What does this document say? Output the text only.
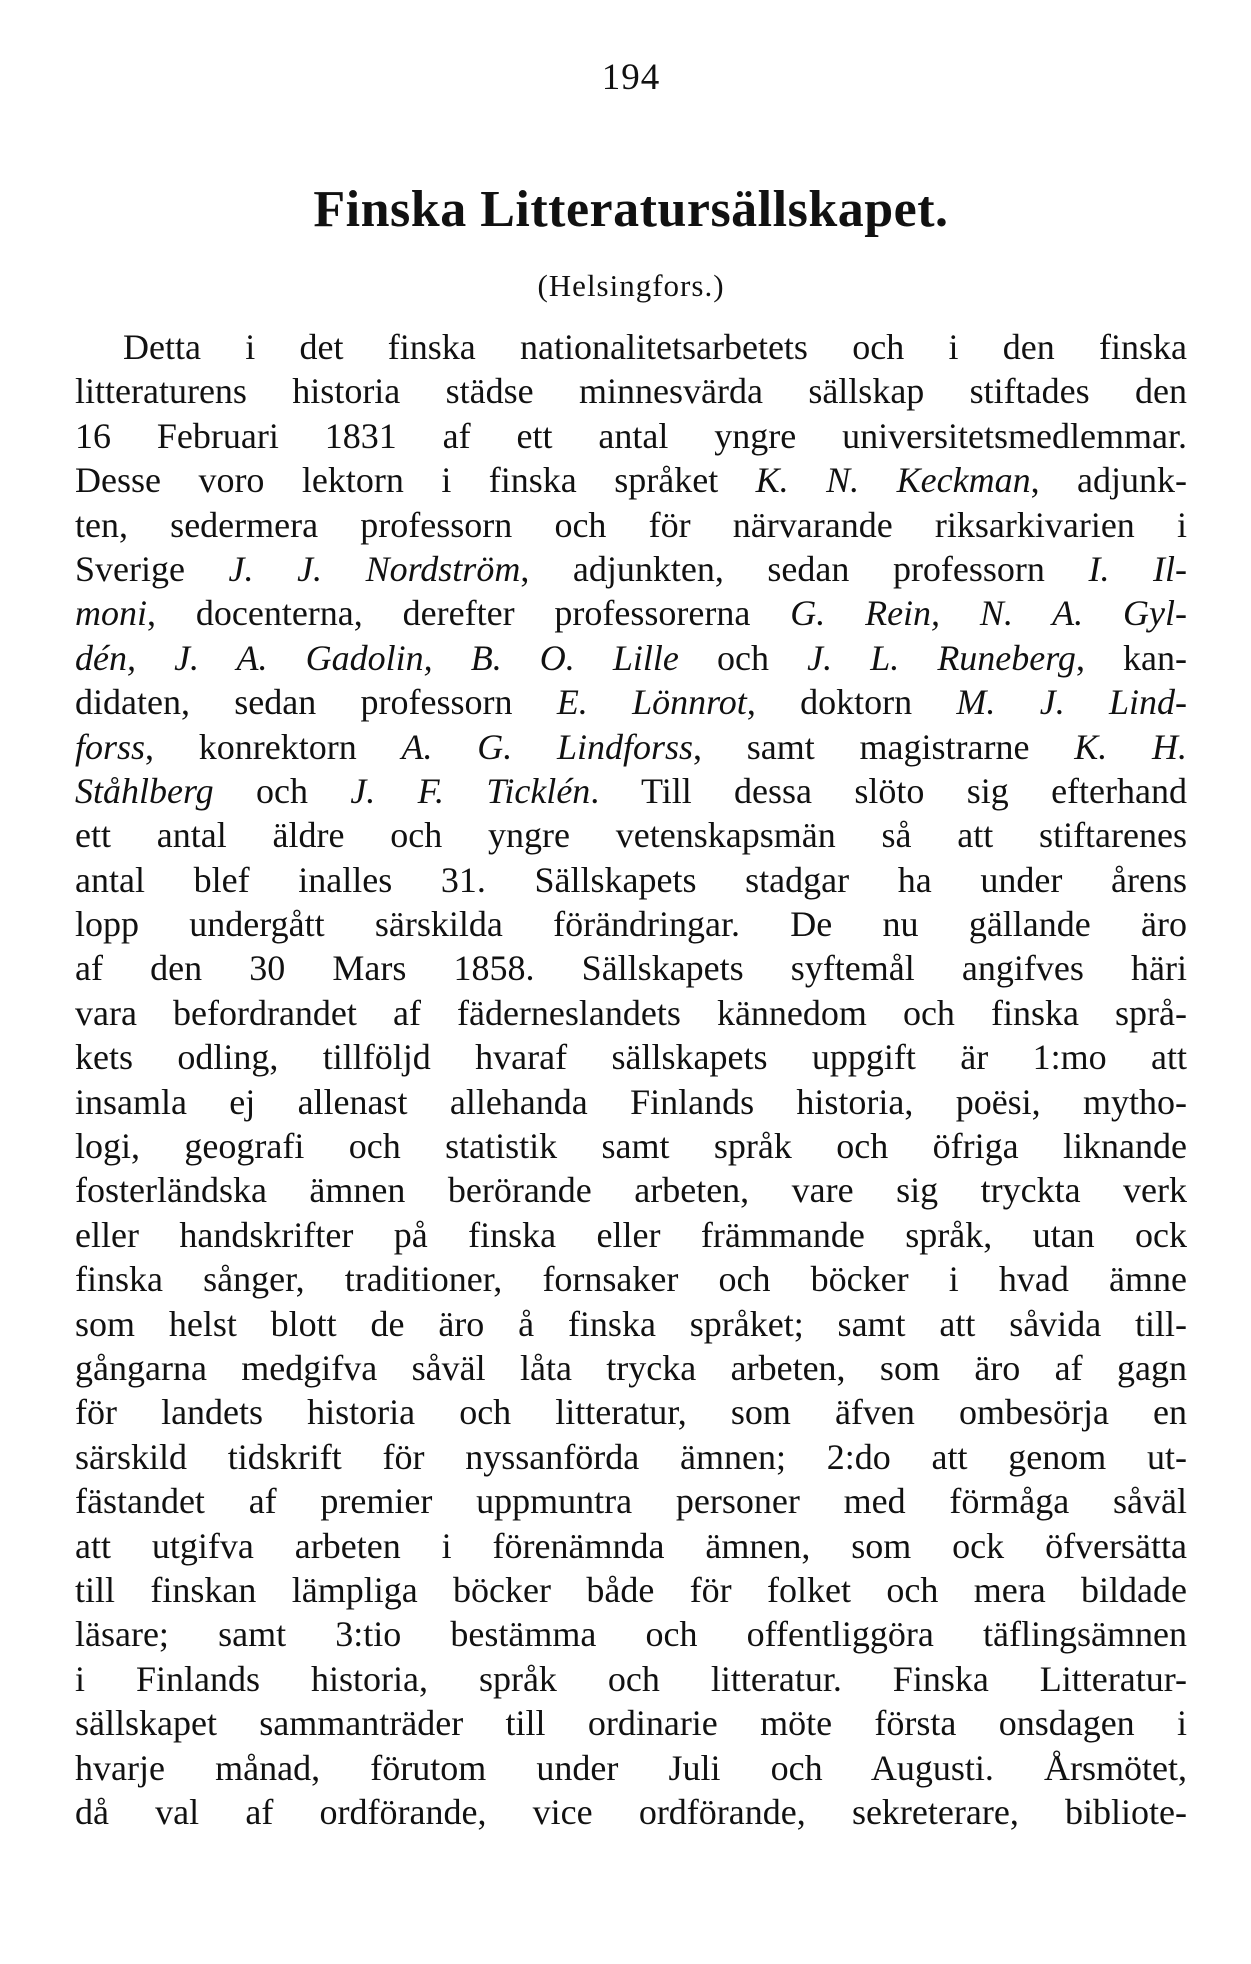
194
Finska Litteratursällskapet.
(Helsingfors.)
Detta i det finska nationalitetsarbetets och i den finska
litteraturens historia städse minnesvärda sällskap stiftades den
16 Februari 1831 af ett antal yngre universitetsmedlemmar.
Desse voro lektorn i finska språket K. N. Keckman, adjunk-
ten, sedermera professorn och för närvarande riksarkivarien i
Sverige J. J. Nordström, adjunkten, sedan professorn I. Il-
moni, docenterna, derefter professorerna G. Rein, N. A. Gyl-
dén, J. A. Gadolin, B. O. Lille och J. L. Runeberg, kan-
didaten, sedan professorn E. Lönnrot, doktorn M. J. Lind-
forss, konrektorn A. G. Lindforss, samt magistrarne K. H.
Ståhlberg och J. F. Ticklén. Till dessa slöto sig efterhand
ett antal äldre och yngre vetenskapsmän så att stiftarenes
antal blef inalles 31. Sällskapets stadgar ha under årens
lopp undergått särskilda förändringar. De nu gällande äro
af den 30 Mars 1858. Sällskapets syftemål angifves häri
vara befordrandet af fäderneslandets kännedom och finska språ-
kets odling, tillföljd hvaraf sällskapets uppgift är 1:mo att
insamla ej allenast allehanda Finlands historia, poësi, mytho-
logi, geografi och statistik samt språk och öfriga liknande
fosterländska ämnen berörande arbeten, vare sig tryckta verk
eller handskrifter på finska eller främmande språk, utan ock
finska sånger, traditioner, fornsaker och böcker i hvad ämne
som helst blott de äro å finska språket; samt att såvida till-
gångarna medgifva såväl låta trycka arbeten, som äro af gagn
för landets historia och litteratur, som äfven ombesörja en
särskild tidskrift för nyssanförda ämnen; 2:do att genom ut-
fästandet af premier uppmuntra personer med förmåga såväl
att utgifva arbeten i förenämnda ämnen, som ock öfversätta
till finskan lämpliga böcker både för folket och mera bildade
läsare; samt 3:tio bestämma och offentliggöra täflingsämnen
i Finlands historia, språk och litteratur. Finska Litteratur-
sällskapet sammanträder till ordinarie möte första onsdagen i
hvarje månad, förutom under Juli och Augusti. Årsmötet,
då val af ordförande, vice ordförande, sekreterare, bibliote-
